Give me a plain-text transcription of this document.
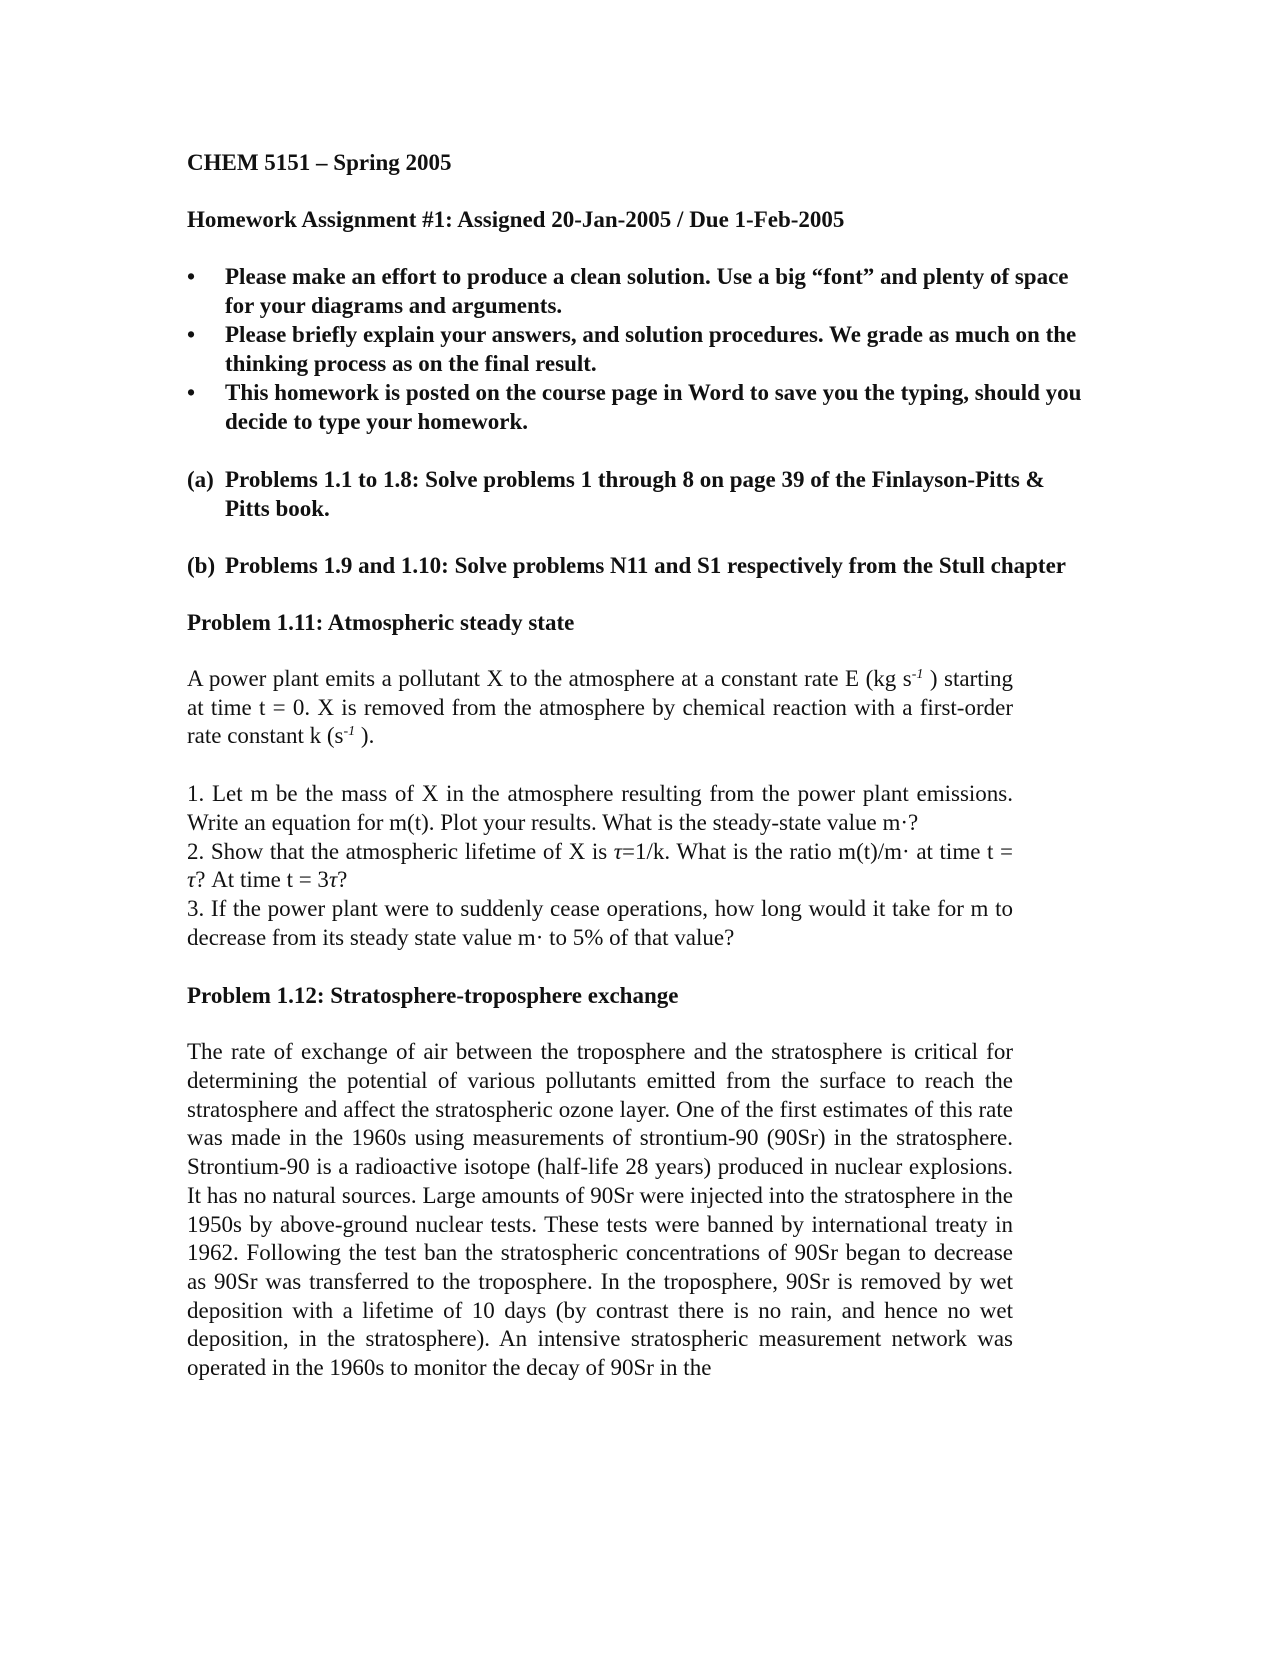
CHEM 5151 – Spring 2005
Homework Assignment #1: Assigned 20-Jan-2005 / Due 1-Feb-2005
• Please make an effort to produce a clean solution. Use a big “font” and plenty of space for your diagrams and arguments.
• Please briefly explain your answers, and solution procedures. We grade as much on the thinking process as on the final result.
• This homework is posted on the course page in Word to save you the typing, should you decide to type your homework.
(a) Problems 1.1 to 1.8: Solve problems 1 through 8 on page 39 of the Finlayson-Pitts & Pitts book.
(b) Problems 1.9 and 1.10: Solve problems N11 and S1 respectively from the Stull chapter
Problem 1.11: Atmospheric steady state

A power plant emits a pollutant X to the atmosphere at a constant rate E (kg $s^{-1}$ ) starting at time t = 0. X is removed from the atmosphere by chemical reaction with a first-order rate constant k ($s^{-1}$ ).

1. Let m be the mass of X in the atmosphere resulting from the power plant emissions. Write an equation for m(t). Plot your results. What is the steady-state value m·?
2. Show that the atmospheric lifetime of X is τ=1/k. What is the ratio m(t)/m· at time t = τ? At time t = 3τ?
3. If the power plant were to suddenly cease operations, how long would it take for m to decrease from its steady state value m· to 5% of that value?
Problem 1.12: Stratosphere-troposphere exchange

The rate of exchange of air between the troposphere and the stratosphere is critical for determining the potential of various pollutants emitted from the surface to reach the stratosphere and affect the stratospheric ozone layer. One of the first estimates of this rate was made in the 1960s using measurements of strontium-90 (90Sr) in the stratosphere. Strontium-90 is a radioactive isotope (half-life 28 years) produced in nuclear explosions. It has no natural sources. Large amounts of 90Sr were injected into the stratosphere in the 1950s by above-ground nuclear tests. These tests were banned by international treaty in 1962. Following the test ban the stratospheric concentrations of 90Sr began to decrease as 90Sr was transferred to the troposphere. In the troposphere, 90Sr is removed by wet deposition with a lifetime of 10 days (by contrast there is no rain, and hence no wet deposition, in the stratosphere). An intensive stratospheric measurement network was operated in the 1960s to monitor the decay of 90Sr in the
